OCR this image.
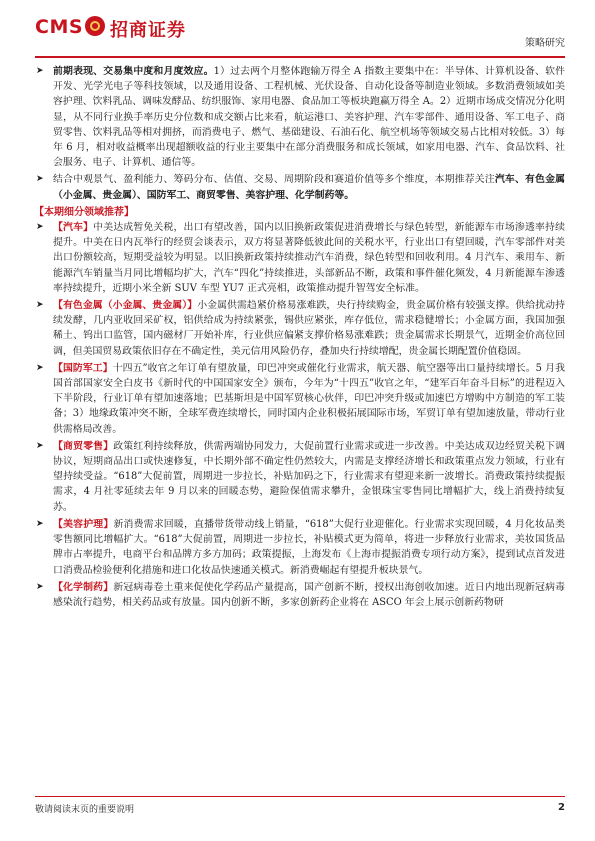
CMS 招商证券
策略研究
➤ 前期表现、交易集中度和月度效应。1）过去两个月整体跑输万得全 A 指数主要集中在：半导体、计算机设备、软件开发、光学光电子等科技领域，以及通用设备、工程机械、光伏设备、自动化设备等制造业领域。多数消费领域如美容护理、饮料乳品、调味发酵品、纺织服饰、家用电器、食品加工等板块跑赢万得全 A。2）近期市场成交情况分化明显，从不同行业换手率历史分位数和成交额占比来看，航运港口、美容护理、汽车零部件、通用设备、军工电子、商贸零售、饮料乳品等相对拥挤，而消费电子、燃气、基础建设、石油石化、航空机场等领域交易占比相对较低。3）每年 6 月，相对收益概率出现超额收益的行业主要集中在部分消费服务和成长领域，如家用电器、汽车、食品饮料、社会服务、电子、计算机、通信等。
➤ 结合中观景气、盈利能力、筹码分布、估值、交易、周期阶段和赛道价值等多个维度，本期推荐关注汽车、有色金属（小金属、贵金属）、国防军工、商贸零售、美容护理、化学制药等。
【本期细分领域推荐】
➤ 【汽车】中美达成暂免关税，出口有望改善，国内以旧换新政策促进消费增长与绿色转型，新能源车市场渗透率持续提升。中美在日内瓦举行的经贸会谈表示，双方将显著降低彼此间的关税水平，行业出口有望回暖，汽车零部件对美出口份额较高，短期受益较为明显。以旧换新政策持续推动汽车消费，绿色转型和回收利用。4 月汽车、乘用车、新能源汽车销量当月同比增幅均扩大，汽车“四化”持续推进，头部新品不断，政策和事件催化频发，4 月新能源车渗透率持续提升，近期小米全新 SUV 车型 YU7 正式亮相，政策推动提升智驾安全标准。
➤ 【有色金属（小金属、贵金属）】小金属供需趋紧价格易涨难跌，央行持续购金，贵金属价格有较强支撑。供给扰动持续发酵，几内亚收回采矿权，铝供给成为持续紧张，锡供应紧张，库存低位，需求稳健增长；小金属方面，我国加强稀土、钨出口监管，国内磁材厂开始补库，行业供应偏紧支撑价格易涨难跌；贵金属需求长期景气，近期金价高位回调，但美国贸易政策依旧存在不确定性，美元信用风险仍存，叠加央行持续增配，贵金属长期配置价值稳固。
➤ 【国防军工】十四五”收官之年订单有望放量，印巴冲突或催化行业需求，航天器、航空器等出口量持续增长。5 月我国首部国家安全白皮书《新时代的中国国家安全》颁布，今年为“十四五”收官之年，“建军百年奋斗目标”的进程迈入下半阶段，行业订单有望加速落地；巴基斯坦是中国军贸核心伙伴，印巴冲突升级或加速巴方增购中方制造的军工装备；3）地缘政策冲突不断，全球军费连续增长，同时国内企业积极拓展国际市场，军贸订单有望加速放量，带动行业供需格局改善。
➤ 【商贸零售】政策红利持续释放，供需两端协同发力，大促前置行业需求或进一步改善。中美达成双边经贸关税下调协议，短期商品出口或快速修复，中长期外部不确定性仍然较大，内需是支撑经济增长和政策重点发力领域，行业有望持续受益。“618”大促前置，周期进一步拉长，补贴加码之下，行业需求有望迎来新一波增长。消费政策持续提振需求，4 月社零延续去年 9 月以来的回暖态势，避险保值需求攀升，金银珠宝零售同比增幅扩大，线上消费持续复苏。
➤ 【美容护理】新消费需求回暖，直播带货带动线上销量，“618”大促行业迎催化。行业需求实现回暖，4 月化妆品类零售额同比增幅扩大。“618”大促前置，周期进一步拉长，补贴模式更为简单，将进一步释放行业需求，美妆国货品牌市占率提升，电商平台和品牌方多方加码；政策提振，上海发布《上海市提振消费专项行动方案》，提到试点首发进口消费品检验便利化措施和进口化妆品快速通关模式。新消费崛起有望提升板块景气。
➤ 【化学制药】新冠病毒卷土重来促使化学药品产量提高，国产创新不断，授权出海创收加速。近日内地出现新冠病毒感染流行趋势，相关药品或有放量。国内创新不断，多家创新药企业将在 ASCO 年会上展示创新药物研
敬请阅读末页的重要说明	2
